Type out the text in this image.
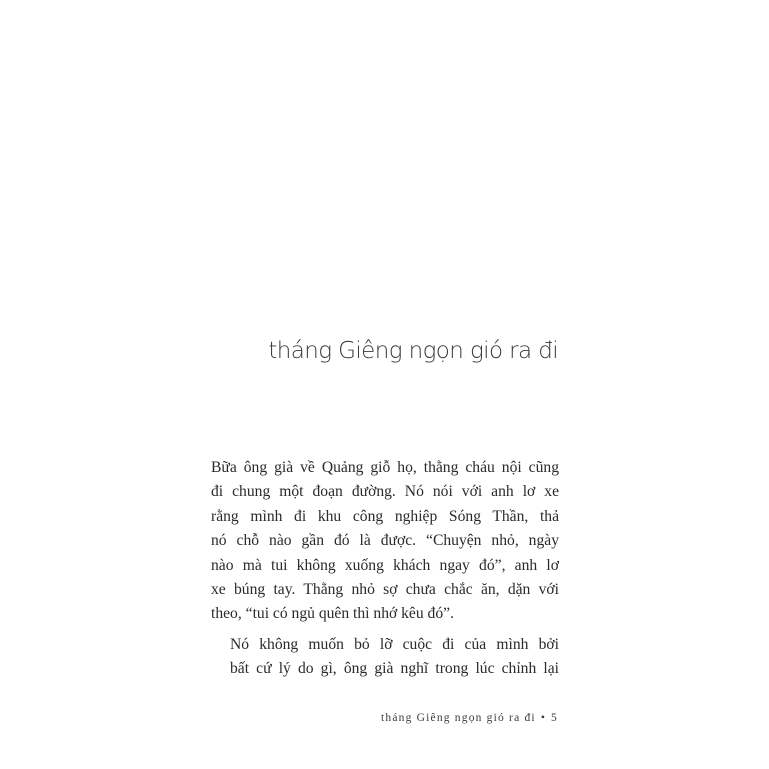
tháng Giêng ngọn gió ra đi

Bữa ông già về Quảng giỗ họ, thằng cháu nội cũng
đi chung một đoạn đường. Nó nói với anh lơ xe
rằng mình đi khu công nghiệp Sóng Thần, thả
nó chỗ nào gần đó là được. “Chuyện nhỏ, ngày
nào mà tui không xuống khách ngay đó”, anh lơ
xe búng tay. Thằng nhỏ sợ chưa chắc ăn, dặn với
theo, “tui có ngủ quên thì nhớ kêu đó”.

Nó không muốn bỏ lỡ cuộc đi của mình bởi
bất cứ lý do gì, ông già nghĩ trong lúc chỉnh lại

tháng Giêng ngọn gió ra đi • 5
